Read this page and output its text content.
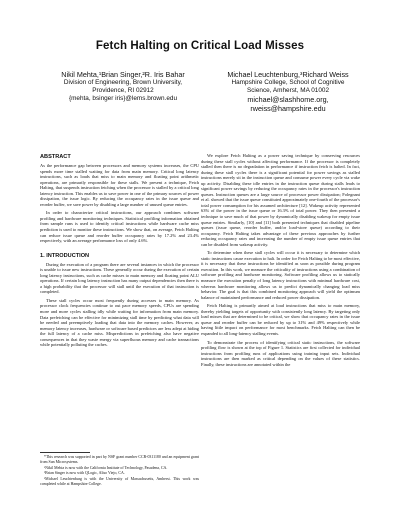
Fetch Halting on Critical Load Misses
Nikil Mehta,¹Brian Singer,²R. Iris Bahar
Division of Engineering, Brown University,
Providence, RI 02912
{mehta, bsinger iris}@lems.brown.edu
Michael Leuchtenburg,³Richard Weiss
Hampshire College, School of Cognitive
Science, Amherst, MA 01002
michael@slashhome.org,
rweiss@hampshire.edu
ABSTRACT

As the performance gap between processors and memory systems increases, the CPU spends more time stalled waiting for data from main memory. Critical long latency instructions, such as loads that miss to main memory and floating point arithmetic operations, are primarily responsible for these stalls. We present a technique, Fetch Halting, that suspends instruction fetching when the processor is stalled by a critical long latency instruction. This enables us to save power in one of the primary sources of power dissipation, the issue logic. By reducing the occupancy rates in the issue queue and reorder buffer, we save power by disabling a large number of unused queue entries.

In order to characterize critical instructions, our approach combines software profiling and hardware monitoring techniques. Statistical profiling information obtained from sample runs is used to identify critical instructions while hardware cache miss prediction is used to monitor these instructions. We show that, on average, Fetch Halting can reduce issue queue and reorder buffer occupancy rates by 17.2% and 23.4% respectively, with an average performance loss of only 4.6%.

1. INTRODUCTION

During the execution of a program there are several instances in which the processor is unable to issue new instructions. These generally occur during the execution of certain long latency instructions, such as cache misses to main memory and floating point ALU operations. If certain long latency instruction has many output dependencies then there is a high probability that the processor will stall until the execution of that instruction is completed.

These stall cycles occur most frequently during accesses to main memory. As processor clock frequencies continue to out pace memory speeds, CPUs are spending more and more cycles stalling idly while waiting for information from main memory. Data prefetching can be effective for minimizing stall time by predicting what data will be needed and preemptively loading that data into the memory caches. However, as memory latency increases, hardware or software based predictors are less adept at hiding the full latency of a cache miss. Mispredictions in prefetching also have negative consequences in that they waste energy via superfluous memory and cache transactions while potentially polluting the caches.

*This research was supported in part by NSF grant number CCR-0311180 and an equipment grant from Sun Microsystems.

¹Nikil Mehta is now with the California Institute of Technology, Pasadena, CA.

²Brian Singer is now with QLogic, Aliso Viejo, CA.

³Michael Leuchtenburg is with the University of Massachusetts, Amherst. This work was completed while at Hampshire College.

We explore Fetch Halting as a power saving technique by conserving resources during these stall cycles without affecting performance. If the processor is completely stalled then there is no degradation in performance if instruction fetch is halted. In fact, during these stall cycles there is a significant potential for power savings as stalled instructions merely sit in the instruction queue and consume power every cycle via wake up activity. Disabling these idle entries in the instruction queue during stalls leads to significant power savings by reducing the occupancy rates in the processor's instruction queues. Instruction queues are a large source of processor power dissipation; Folegnani et al. showed that the issue queue constituted approximately one-fourth of the processor's total power consumption for his assumed architecture [12]. Wakeup activity represented 63% of the power in the issue queue or 16.3% of total power. They then presented a technique to save much of that power by dynamically disabling wakeup for empty issue queue entries. Similarly, [10] and [11] both presented techniques that disabled pipeline queues (issue queue, reorder buffer, and/or load-store queue) according to their occupancy. Fetch Halting takes advantage of these previous approaches by further reducing occupancy rates and increasing the number of empty issue queue entries that can be disabled from wakeup activity.

To determine when these stall cycles will occur it is necessary to determine which static instructions cause execution to halt. In order for Fetch Halting to be most effective, it is necessary that these instructions be identified as soon as possible during program execution. In this work, we measure the criticality of instructions using a combination of software profiling and hardware monitoring. Software profiling allows us to statically measure the execution penalty of long latency instructions with minimal hardware cost, whereas hardware monitoring allows us to predict dynamically changing load miss behavior. The goal is that this combined monitoring approach will yield the optimum balance of maintained performance and reduced power dissipation.

Fetch Halting is primarily aimed at load instructions that miss to main memory, thereby yielding targets of opportunity with consistently long latency. By targeting only load misses that are determined to be critical, we show that occupancy rates in the issue queue and reorder buffer can be reduced by up to 31% and 49% respectively while having little impact on performance for most benchmarks. Fetch Halting can then be expanded to all long-latency stalling events.

To demonstrate the process of identifying critical static instructions, the software profiling flow is shown at the top of Figure 1. Statistics are first collected for individual instructions from profiling runs of applications using training input sets. Individual instructions are then marked as critical depending on the values of these statistics. Finally, these instructions are annotated within the
